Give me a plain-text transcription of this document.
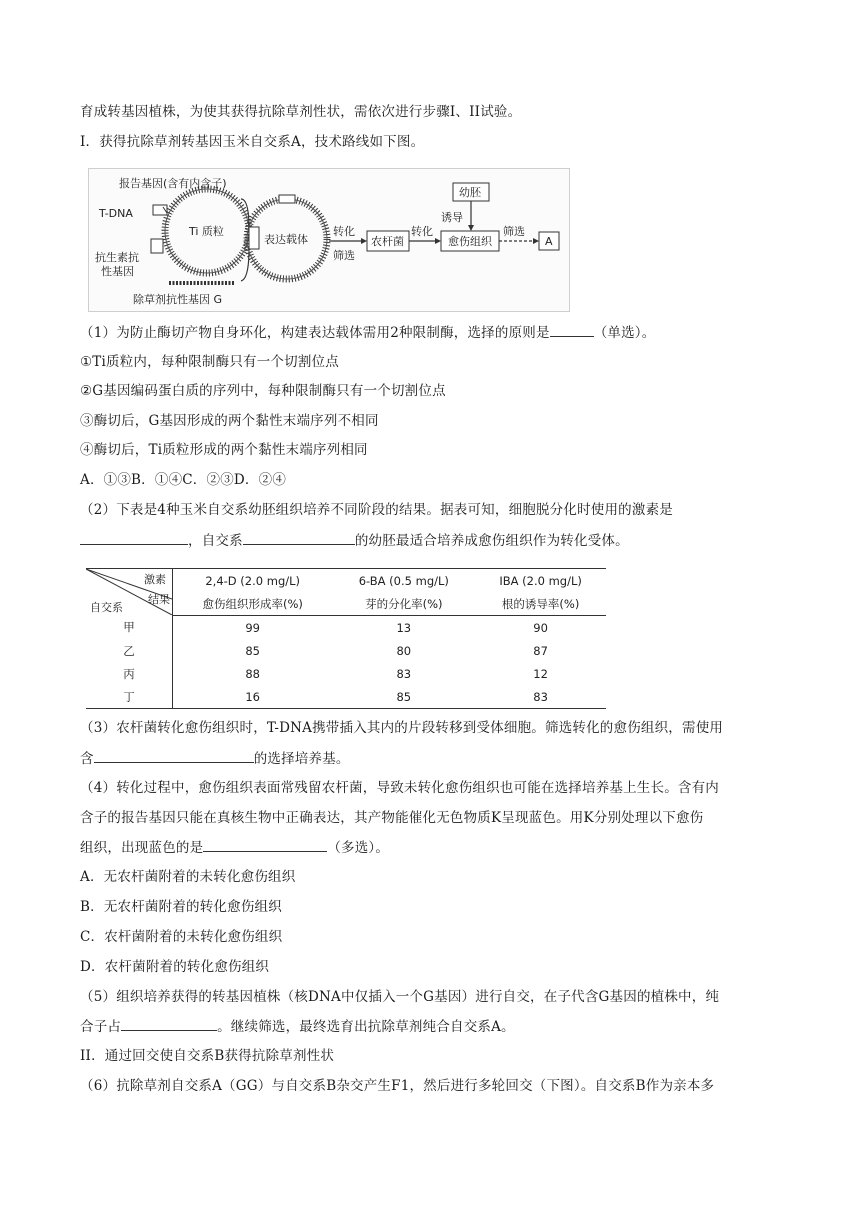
育成转基因植株，为使其获得抗除草剂性状，需依次进行步骤I、II试验。
Ⅰ．获得抗除草剂转基因玉米自交系A，技术路线如下图。
报告基因(含有内含子)
T-DNA
Ti 质粒
抗生素抗
性基因
除草剂抗性基因 G
表达载体
转化
筛选
农杆菌
转化
幼胚
诱导
愈伤组织
筛选
A
（1）为防止酶切产物自身环化，构建表达载体需用2种限制酶，选择的原则是	（单选）。
①Ti质粒内，每种限制酶只有一个切割位点
②G基因编码蛋白质的序列中，每种限制酶只有一个切割位点
③酶切后，G基因形成的两个黏性末端序列不相同
④酶切后，Ti质粒形成的两个黏性末端序列相同
A．①③B．①④C．②③D．②④
（2）下表是4种玉米自交系幼胚组织培养不同阶段的结果。据表可知，细胞脱分化时使用的激素是
，自交系	的幼胚最适合培养成愈伤组织作为转化受体。
激素
结果
自交系	2,4-D (2.0 mg/L)	6-BA (0.5 mg/L)	IBA (2.0 mg/L)
	愈伤组织形成率(%)	芽的分化率(%)	根的诱导率(%)
甲	99	13	90
乙	85	80	87
丙	88	83	12
丁	16	85	83
（3）农杆菌转化愈伤组织时，T-DNA携带插入其内的片段转移到受体细胞。筛选转化的愈伤组织，需使用
含	的选择培养基。
（4）转化过程中，愈伤组织表面常残留农杆菌，导致未转化愈伤组织也可能在选择培养基上生长。含有内
含子的报告基因只能在真核生物中正确表达，其产物能催化无色物质K呈现蓝色。用K分别处理以下愈伤
组织，出现蓝色的是	（多选）。
A．无农杆菌附着的未转化愈伤组织
B．无农杆菌附着的转化愈伤组织
C．农杆菌附着的未转化愈伤组织
D．农杆菌附着的转化愈伤组织
（5）组织培养获得的转基因植株（核DNA中仅插入一个G基因）进行自交，在子代含G基因的植株中，纯
合子占	。继续筛选，最终选育出抗除草剂纯合自交系A。
II．通过回交使自交系B获得抗除草剂性状
（6）抗除草剂自交系A（GG）与自交系B杂交产生F1，然后进行多轮回交（下图）。自交系B作为亲本多
